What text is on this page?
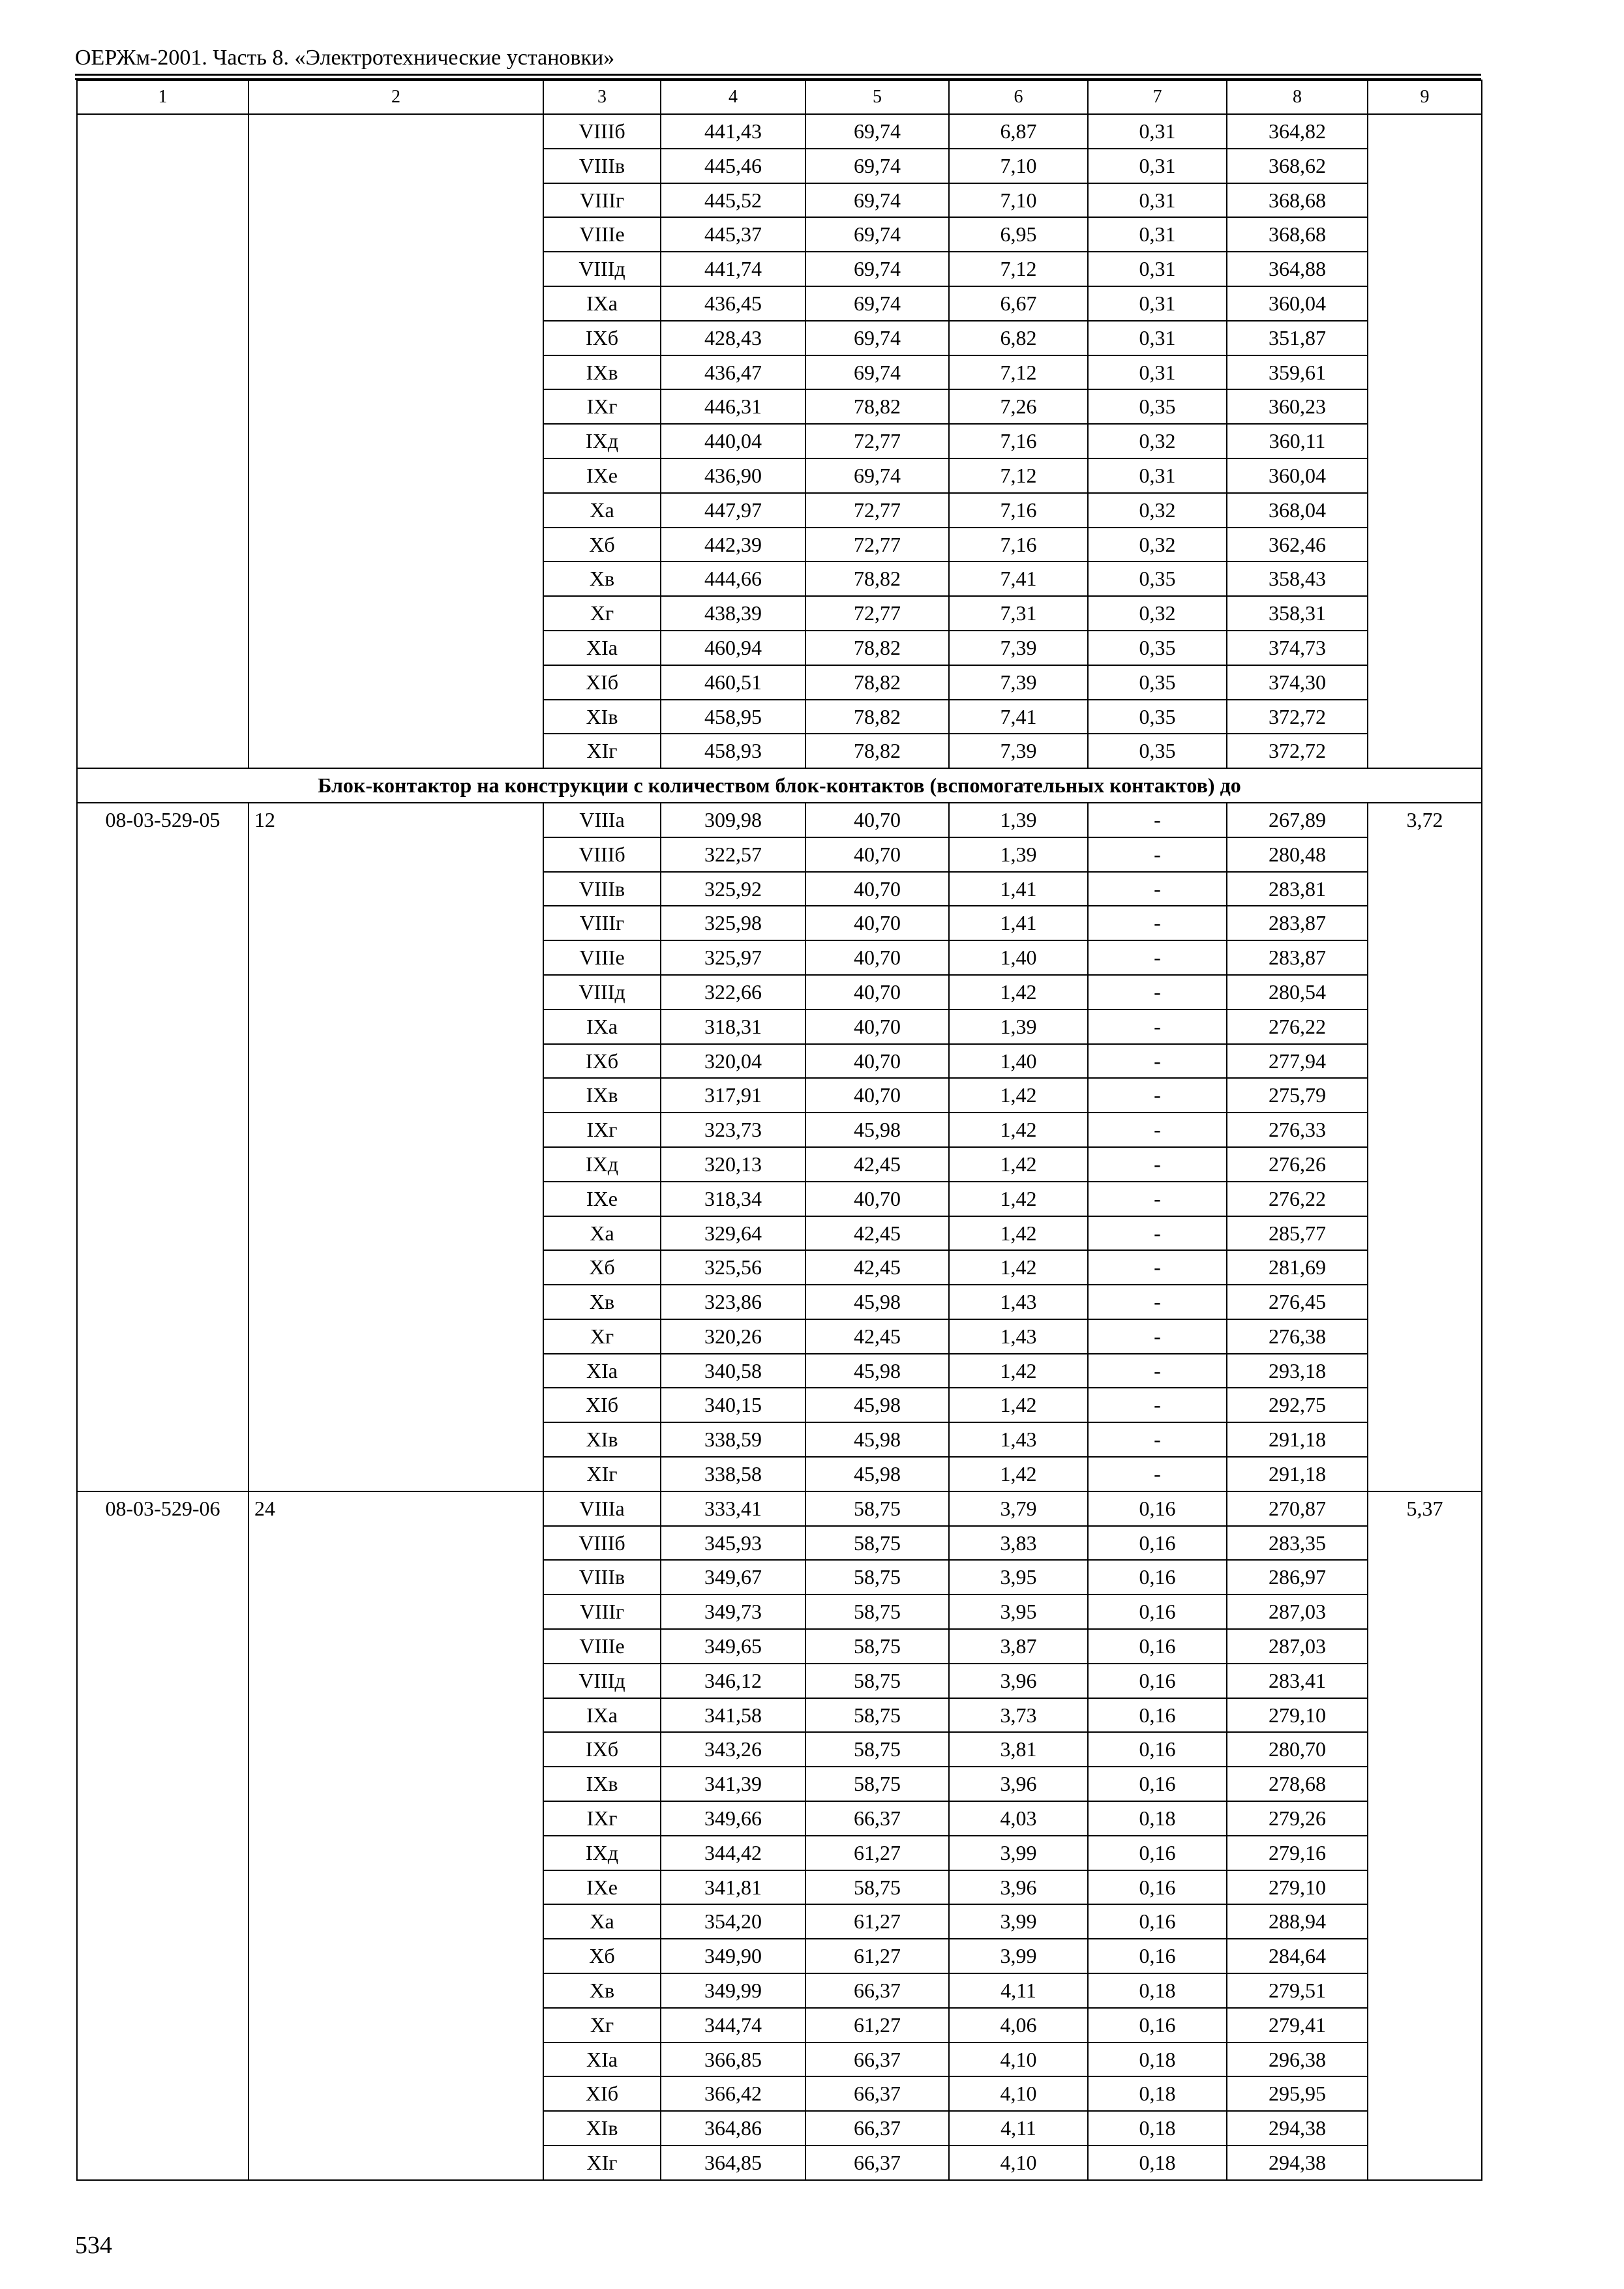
ОЕРЖм-2001. Часть 8. «Электротехнические установки»
1	2	3	4	5	6	7	8	9
		VIIIб	441,43	69,74	6,87	0,31	364,82	
		VIIIв	445,46	69,74	7,10	0,31	368,62	
		VIIIг	445,52	69,74	7,10	0,31	368,68	
		VIIIе	445,37	69,74	6,95	0,31	368,68	
		VIIIд	441,74	69,74	7,12	0,31	364,88	
		IXа	436,45	69,74	6,67	0,31	360,04	
		IXб	428,43	69,74	6,82	0,31	351,87	
		IXв	436,47	69,74	7,12	0,31	359,61	
		IXг	446,31	78,82	7,26	0,35	360,23	
		IXд	440,04	72,77	7,16	0,32	360,11	
		IXе	436,90	69,74	7,12	0,31	360,04	
		Xа	447,97	72,77	7,16	0,32	368,04	
		Xб	442,39	72,77	7,16	0,32	362,46	
		Xв	444,66	78,82	7,41	0,35	358,43	
		Xг	438,39	72,77	7,31	0,32	358,31	
		XIа	460,94	78,82	7,39	0,35	374,73	
		XIб	460,51	78,82	7,39	0,35	374,30	
		XIв	458,95	78,82	7,41	0,35	372,72	
		XIг	458,93	78,82	7,39	0,35	372,72	
Блок-контактор на конструкции с количеством блок-контактов (вспомогательных контактов) до								
08-03-529-05	12	VIIIа	309,98	40,70	1,39	-	267,89	3,72
		VIIIб	322,57	40,70	1,39	-	280,48	
		VIIIв	325,92	40,70	1,41	-	283,81	
		VIIIг	325,98	40,70	1,41	-	283,87	
		VIIIе	325,97	40,70	1,40	-	283,87	
		VIIIд	322,66	40,70	1,42	-	280,54	
		IXа	318,31	40,70	1,39	-	276,22	
		IXб	320,04	40,70	1,40	-	277,94	
		IXв	317,91	40,70	1,42	-	275,79	
		IXг	323,73	45,98	1,42	-	276,33	
		IXд	320,13	42,45	1,42	-	276,26	
		IXе	318,34	40,70	1,42	-	276,22	
		Xа	329,64	42,45	1,42	-	285,77	
		Xб	325,56	42,45	1,42	-	281,69	
		Xв	323,86	45,98	1,43	-	276,45	
		Xг	320,26	42,45	1,43	-	276,38	
		XIа	340,58	45,98	1,42	-	293,18	
		XIб	340,15	45,98	1,42	-	292,75	
		XIв	338,59	45,98	1,43	-	291,18	
		XIг	338,58	45,98	1,42	-	291,18	
08-03-529-06	24	VIIIа	333,41	58,75	3,79	0,16	270,87	5,37
		VIIIб	345,93	58,75	3,83	0,16	283,35	
		VIIIв	349,67	58,75	3,95	0,16	286,97	
		VIIIг	349,73	58,75	3,95	0,16	287,03	
		VIIIе	349,65	58,75	3,87	0,16	287,03	
		VIIIд	346,12	58,75	3,96	0,16	283,41	
		IXа	341,58	58,75	3,73	0,16	279,10	
		IXб	343,26	58,75	3,81	0,16	280,70	
		IXв	341,39	58,75	3,96	0,16	278,68	
		IXг	349,66	66,37	4,03	0,18	279,26	
		IXд	344,42	61,27	3,99	0,16	279,16	
		IXе	341,81	58,75	3,96	0,16	279,10	
		Xа	354,20	61,27	3,99	0,16	288,94	
		Xб	349,90	61,27	3,99	0,16	284,64	
		Xв	349,99	66,37	4,11	0,18	279,51	
		Xг	344,74	61,27	4,06	0,16	279,41	
		XIа	366,85	66,37	4,10	0,18	296,38	
		XIб	366,42	66,37	4,10	0,18	295,95	
		XIв	364,86	66,37	4,11	0,18	294,38	
		XIг	364,85	66,37	4,10	0,18	294,38	
534
